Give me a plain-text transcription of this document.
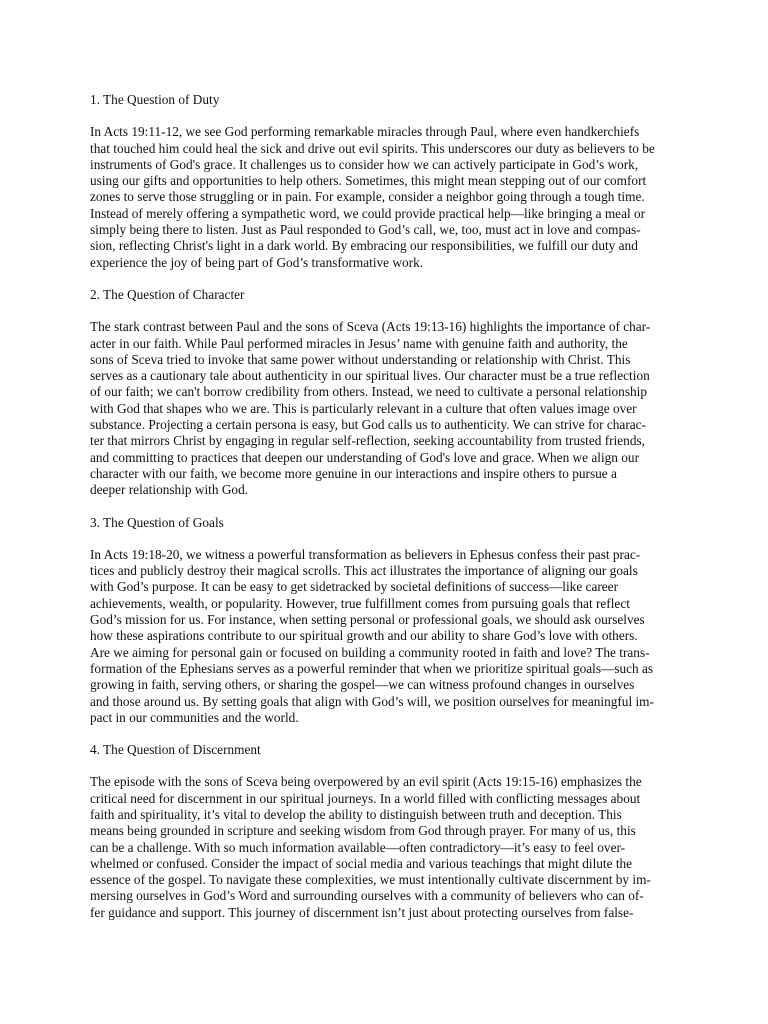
1. The Question of Duty

In Acts 19:11-12, we see God performing remarkable miracles through Paul, where even handkerchiefs
that touched him could heal the sick and drive out evil spirits. This underscores our duty as believers to be
instruments of God's grace. It challenges us to consider how we can actively participate in God’s work,
using our gifts and opportunities to help others. Sometimes, this might mean stepping out of our comfort
zones to serve those struggling or in pain. For example, consider a neighbor going through a tough time.
Instead of merely offering a sympathetic word, we could provide practical help—like bringing a meal or
simply being there to listen. Just as Paul responded to God’s call, we, too, must act in love and compas-
sion, reflecting Christ's light in a dark world. By embracing our responsibilities, we fulfill our duty and
experience the joy of being part of God’s transformative work.

2. The Question of Character

The stark contrast between Paul and the sons of Sceva (Acts 19:13-16) highlights the importance of char-
acter in our faith. While Paul performed miracles in Jesus’ name with genuine faith and authority, the
sons of Sceva tried to invoke that same power without understanding or relationship with Christ. This
serves as a cautionary tale about authenticity in our spiritual lives. Our character must be a true reflection
of our faith; we can't borrow credibility from others. Instead, we need to cultivate a personal relationship
with God that shapes who we are. This is particularly relevant in a culture that often values image over
substance. Projecting a certain persona is easy, but God calls us to authenticity. We can strive for charac-
ter that mirrors Christ by engaging in regular self-reflection, seeking accountability from trusted friends,
and committing to practices that deepen our understanding of God's love and grace. When we align our
character with our faith, we become more genuine in our interactions and inspire others to pursue a
deeper relationship with God.

3. The Question of Goals

In Acts 19:18-20, we witness a powerful transformation as believers in Ephesus confess their past prac-
tices and publicly destroy their magical scrolls. This act illustrates the importance of aligning our goals
with God’s purpose. It can be easy to get sidetracked by societal definitions of success—like career
achievements, wealth, or popularity. However, true fulfillment comes from pursuing goals that reflect
God’s mission for us. For instance, when setting personal or professional goals, we should ask ourselves
how these aspirations contribute to our spiritual growth and our ability to share God’s love with others.
Are we aiming for personal gain or focused on building a community rooted in faith and love? The trans-
formation of the Ephesians serves as a powerful reminder that when we prioritize spiritual goals—such as
growing in faith, serving others, or sharing the gospel—we can witness profound changes in ourselves
and those around us. By setting goals that align with God’s will, we position ourselves for meaningful im-
pact in our communities and the world.

4. The Question of Discernment

The episode with the sons of Sceva being overpowered by an evil spirit (Acts 19:15-16) emphasizes the
critical need for discernment in our spiritual journeys. In a world filled with conflicting messages about
faith and spirituality, it’s vital to develop the ability to distinguish between truth and deception. This
means being grounded in scripture and seeking wisdom from God through prayer. For many of us, this
can be a challenge. With so much information available—often contradictory—it’s easy to feel over-
whelmed or confused. Consider the impact of social media and various teachings that might dilute the
essence of the gospel. To navigate these complexities, we must intentionally cultivate discernment by im-
mersing ourselves in God’s Word and surrounding ourselves with a community of believers who can of-
fer guidance and support. This journey of discernment isn’t just about protecting ourselves from false-
